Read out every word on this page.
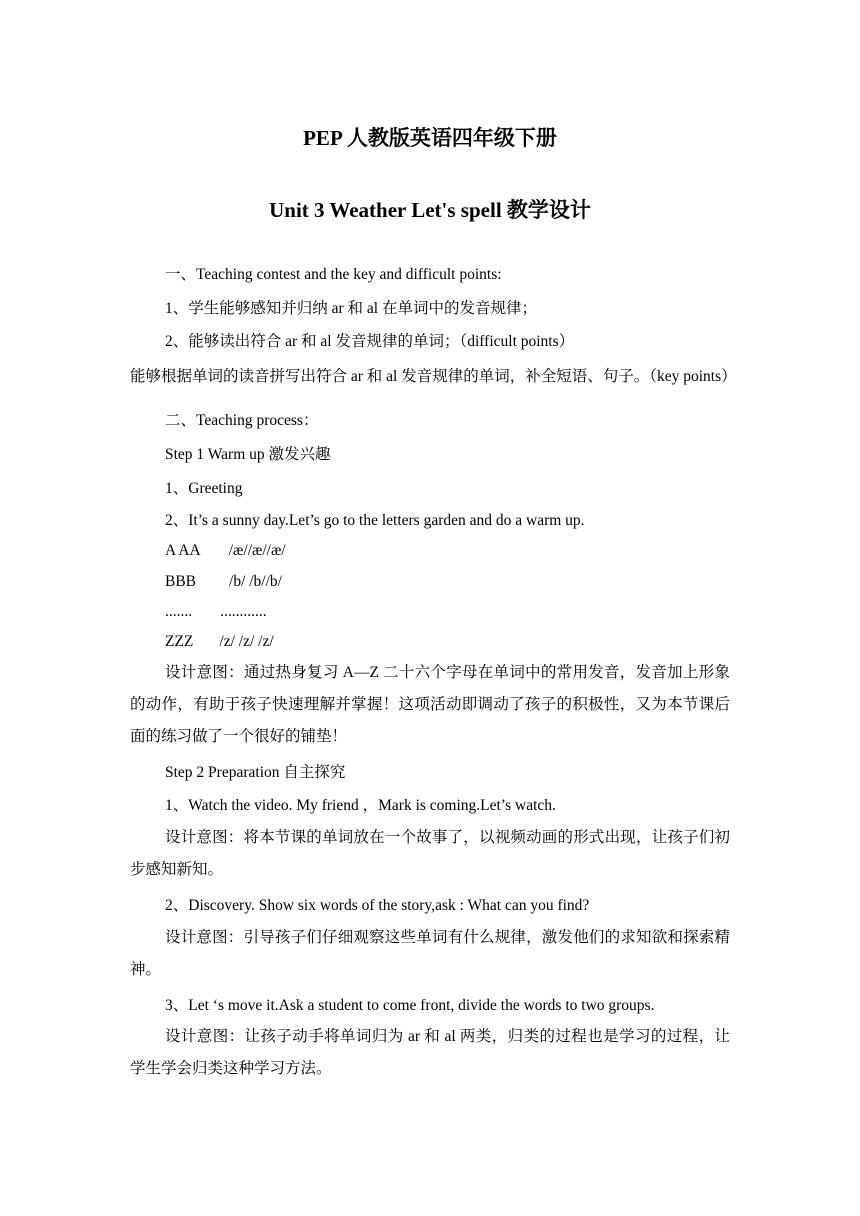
PEP 人教版英语四年级下册
Unit 3 Weather Let's spell 教学设计
一、Teaching contest and the key and difficult points:
1、学生能够感知并归纳 ar 和 al 在单词中的发音规律；
2、能够读出符合 ar 和 al 发音规律的单词；（difficult points）
能够根据单词的读音拼写出符合 ar 和 al 发音规律的单词，补全短语、句子。（key points）
二、Teaching process：
Step 1 Warm up 激发兴趣
1、Greeting
2、It’s a sunny day.Let’s go to the letters garden and do a warm up.
A AA /æ//æ//æ/
BBB /b/ /b//b/
....... ............
ZZZ /z/ /z/ /z/
设计意图：通过热身复习 A—Z 二十六个字母在单词中的常用发音，发音加上形象的动作，有助于孩子快速理解并掌握！这项活动即调动了孩子的积极性，又为本节课后面的练习做了一个很好的铺垫！
Step 2 Preparation 自主探究
1、Watch the video. My friend ，Mark is coming.Let’s watch.
设计意图：将本节课的单词放在一个故事了，以视频动画的形式出现，让孩子们初步感知新知。
2、Discovery. Show six words of the story,ask : What can you find?
设计意图：引导孩子们仔细观察这些单词有什么规律，激发他们的求知欲和探索精神。
3、Let ‘s move it.Ask a student to come front, divide the words to two groups.
设计意图：让孩子动手将单词归为 ar 和 al 两类，归类的过程也是学习的过程，让学生学会归类这种学习方法。
